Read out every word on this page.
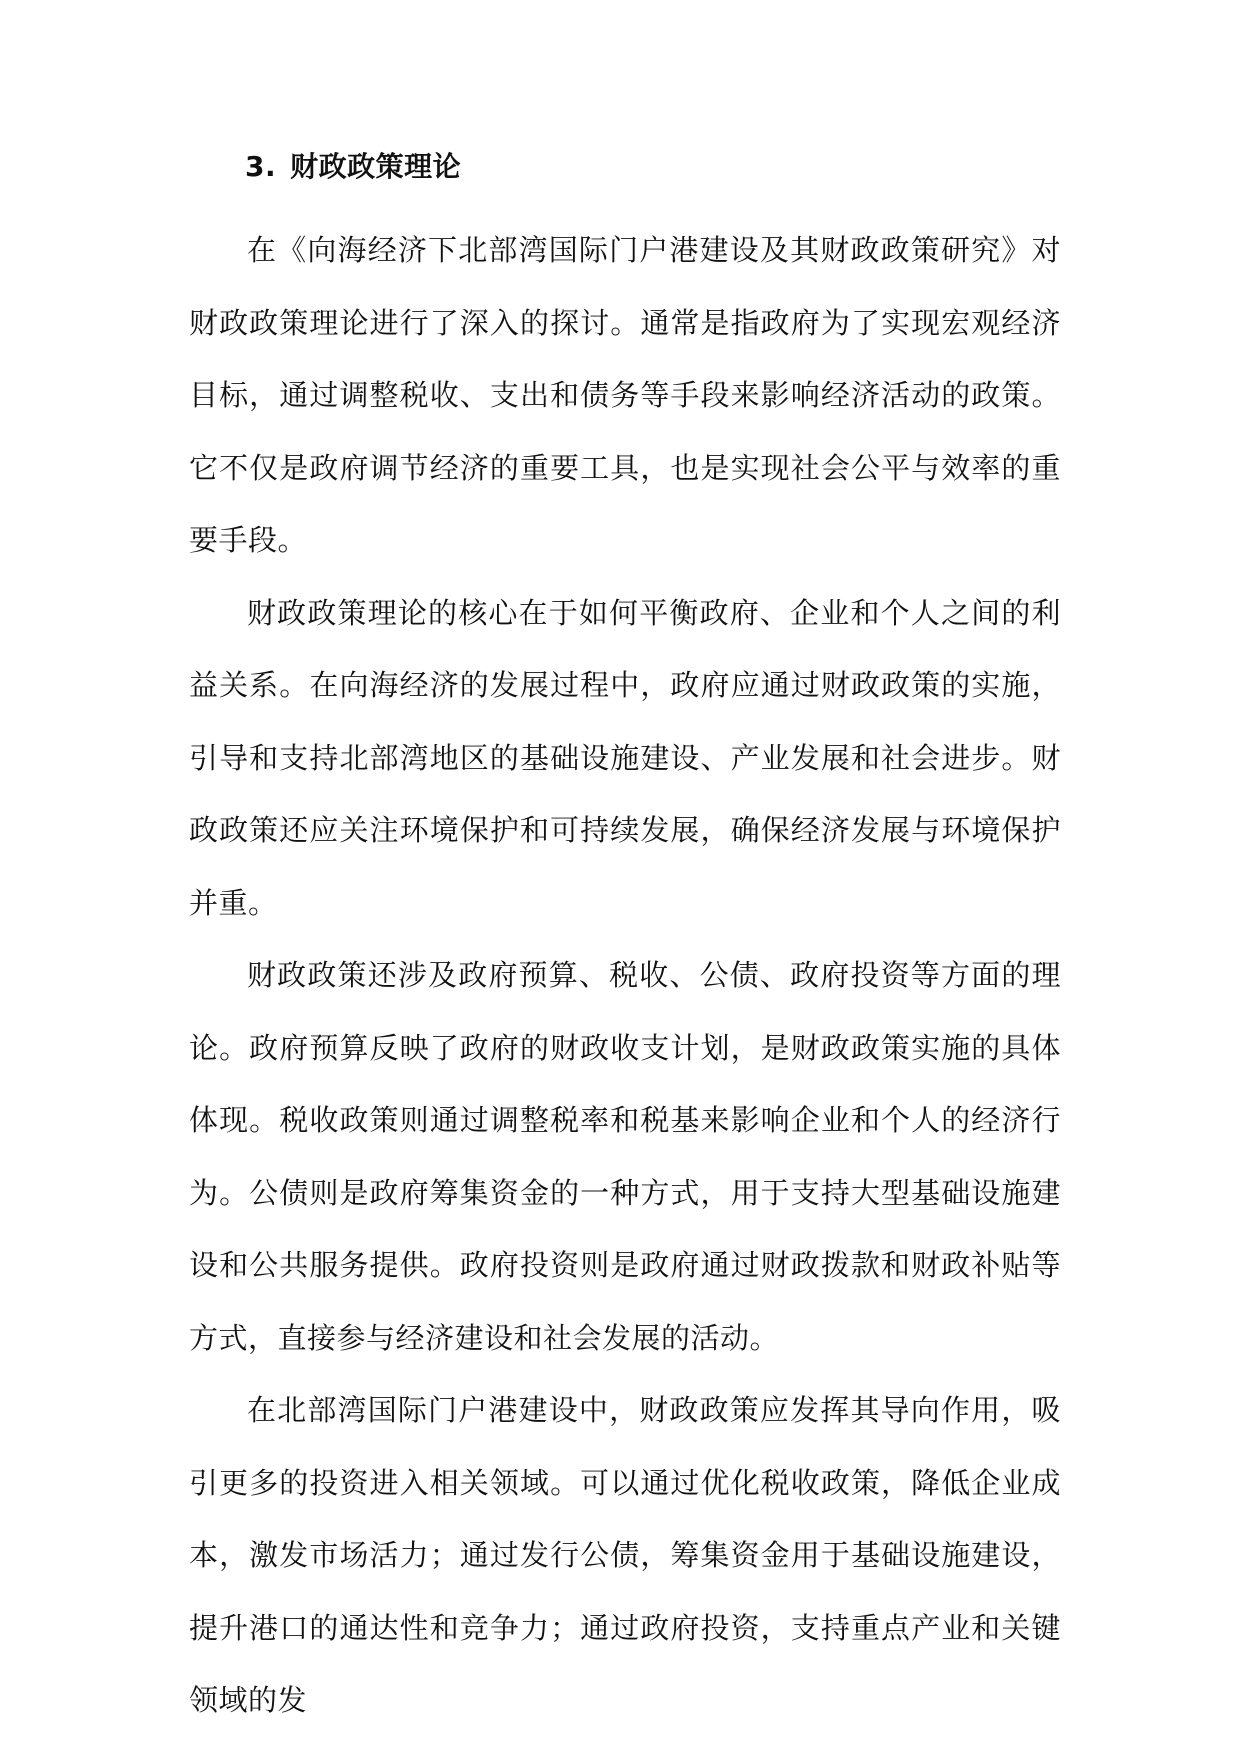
3. 财政政策理论

在《向海经济下北部湾国际门户港建设及其财政政策研究》对财政政策理论进行了深入的探讨。通常是指政府为了实现宏观经济目标，通过调整税收、支出和债务等手段来影响经济活动的政策。它不仅是政府调节经济的重要工具，也是实现社会公平与效率的重要手段。

财政政策理论的核心在于如何平衡政府、企业和个人之间的利益关系。在向海经济的发展过程中，政府应通过财政政策的实施，引导和支持北部湾地区的基础设施建设、产业发展和社会进步。财政政策还应关注环境保护和可持续发展，确保经济发展与环境保护并重。

财政政策还涉及政府预算、税收、公债、政府投资等方面的理论。政府预算反映了政府的财政收支计划，是财政政策实施的具体体现。税收政策则通过调整税率和税基来影响企业和个人的经济行为。公债则是政府筹集资金的一种方式，用于支持大型基础设施建设和公共服务提供。政府投资则是政府通过财政拨款和财政补贴等方式，直接参与经济建设和社会发展的活动。

在北部湾国际门户港建设中，财政政策应发挥其导向作用，吸引更多的投资进入相关领域。可以通过优化税收政策，降低企业成本，激发市场活力；通过发行公债，筹集资金用于基础设施建设，提升港口的通达性和竞争力；通过政府投资，支持重点产业和关键领域的发
